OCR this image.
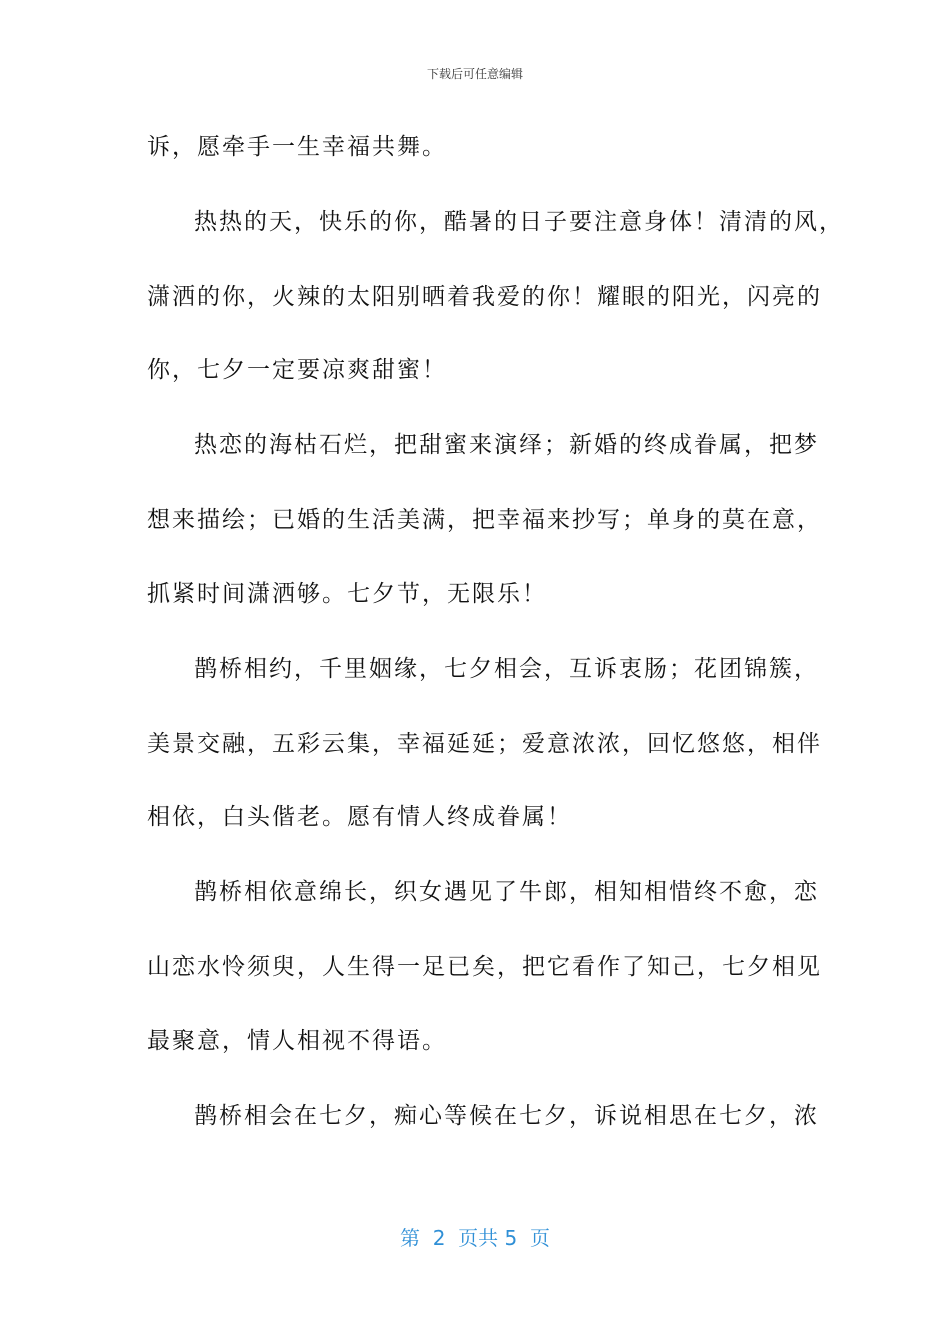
下载后可任意编辑
诉，愿牵手一生幸福共舞。
热热的天，快乐的你，酷暑的日子要注意身体！清清的风，
潇洒的你，火辣的太阳别晒着我爱的你！耀眼的阳光，闪亮的
你，七夕一定要凉爽甜蜜！
热恋的海枯石烂，把甜蜜来演绎；新婚的终成眷属，把梦
想来描绘；已婚的生活美满，把幸福来抄写；单身的莫在意，
抓紧时间潇洒够。七夕节，无限乐！
鹊桥相约，千里姻缘，七夕相会，互诉衷肠；花团锦簇，
美景交融，五彩云集，幸福延延；爱意浓浓，回忆悠悠，相伴
相依，白头偕老。愿有情人终成眷属！
鹊桥相依意绵长，织女遇见了牛郎，相知相惜终不愈，恋
山恋水怜须臾，人生得一足已矣，把它看作了知己，七夕相见
最聚意，情人相视不得语。
鹊桥相会在七夕，痴心等候在七夕，诉说相思在七夕，浓
第  2  页共 5  页
